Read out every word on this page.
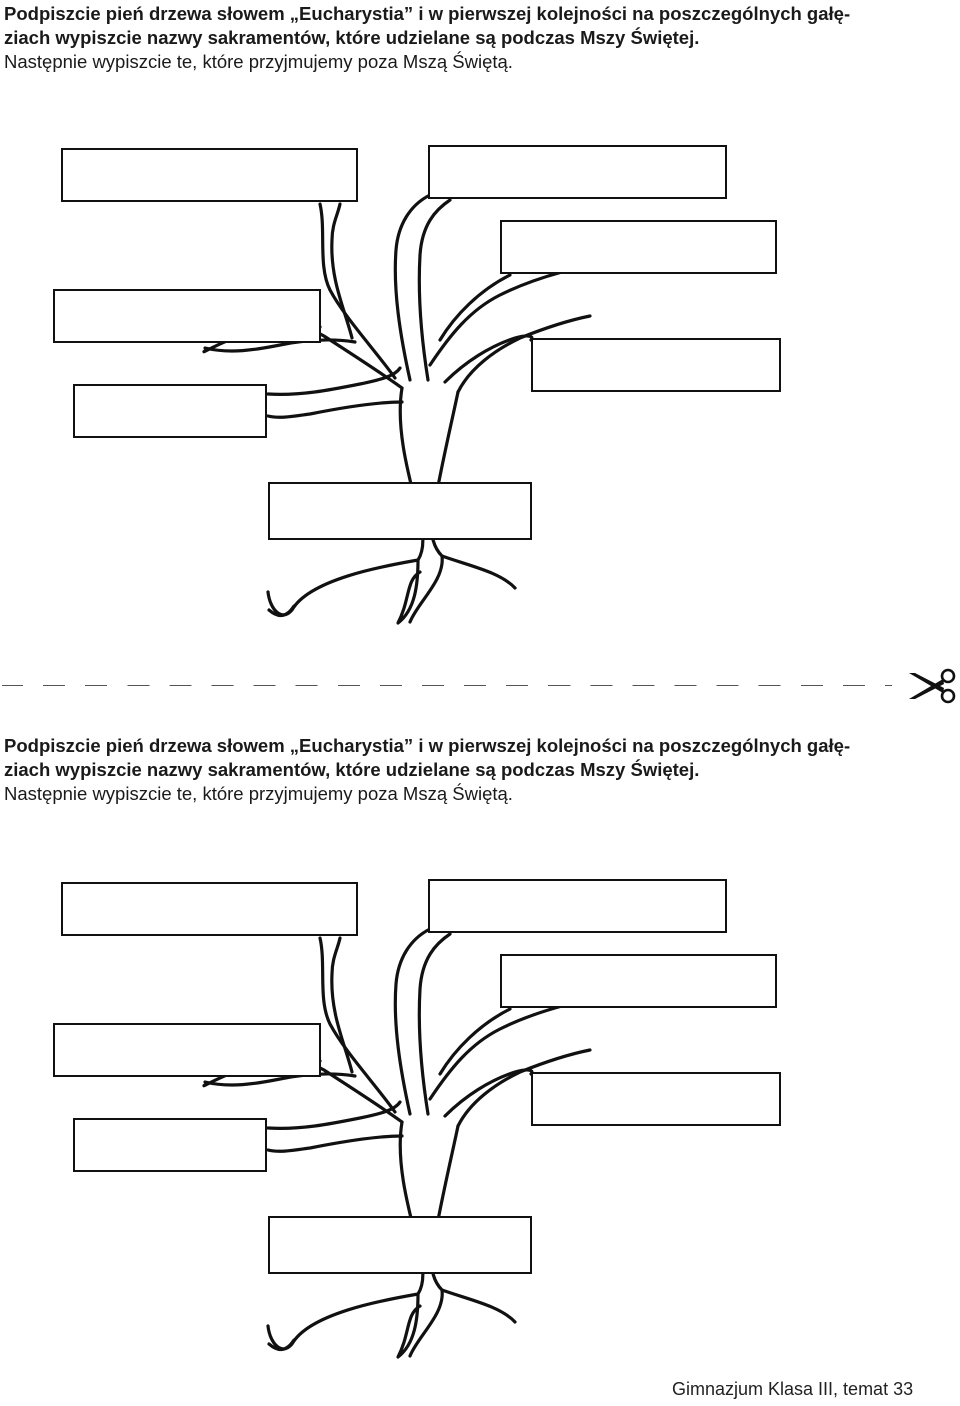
Podpiszcie pień drzewa słowem „Eucharystia” i w pierwszej kolejności na poszczególnych gałę-
ziach wypiszcie nazwy sakramentów, które udzielane są podczas Mszy Świętej.
Następnie wypiszcie te, które przyjmujemy poza Mszą Świętą.

Podpiszcie pień drzewa słowem „Eucharystia” i w pierwszej kolejności na poszczególnych gałę-
ziach wypiszcie nazwy sakramentów, które udzielane są podczas Mszy Świętej.
Następnie wypiszcie te, które przyjmujemy poza Mszą Świętą.

Gimnazjum Klasa III, temat 33
